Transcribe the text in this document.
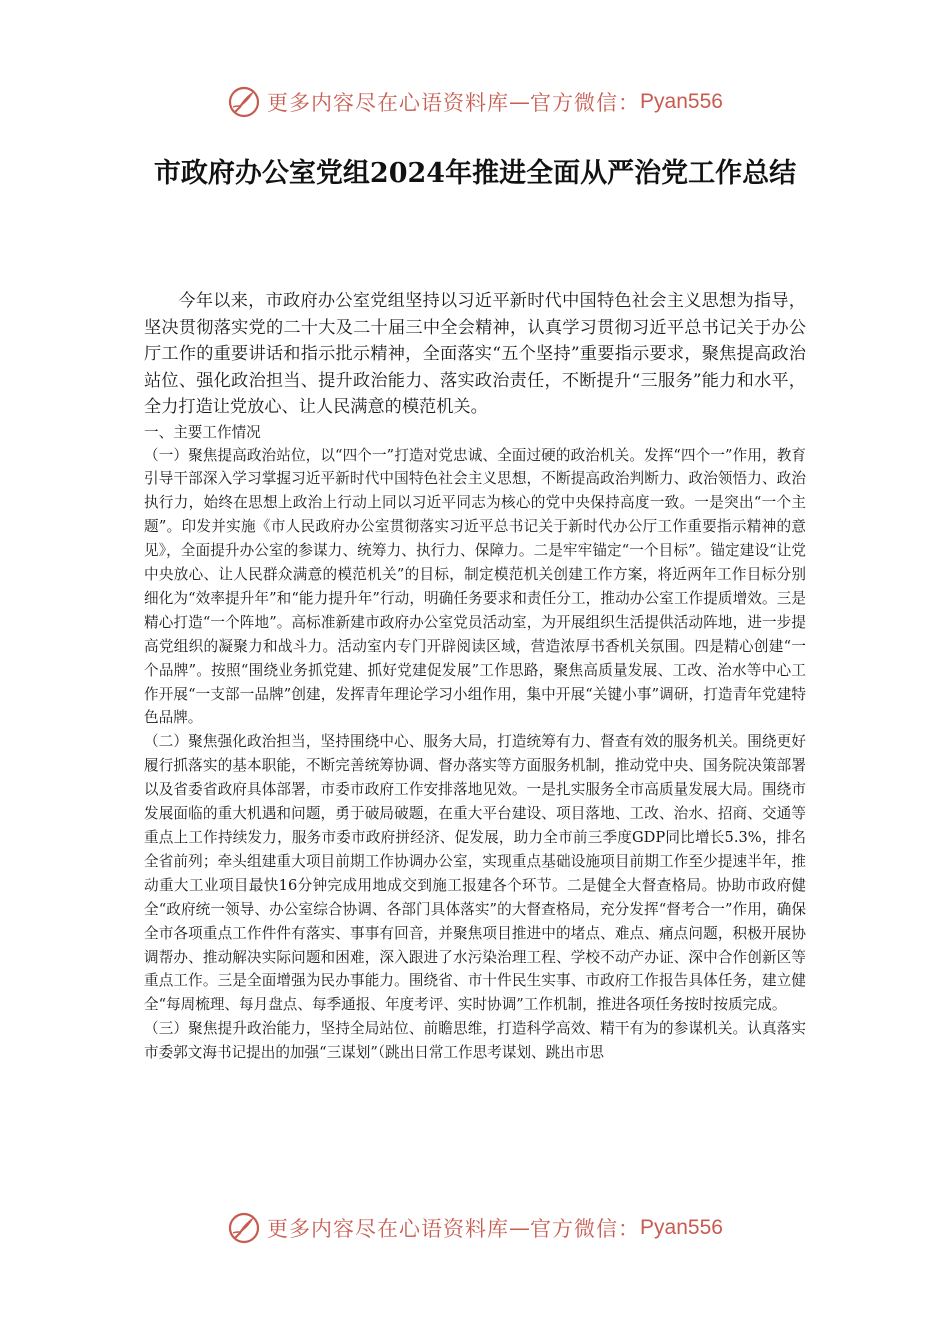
更多内容尽在心语资料库 — 官方微信： Pyan556
市政府办公室党组2024年推进全面从严治党工作总结

今年以来，市政府办公室党组坚持以习近平新时代中国特色社会主义思想为指导，坚决贯彻落实党的二十大及二十届三中全会精神，认真学习贯彻习近平总书记关于办公厅工作的重要讲话和指示批示精神，全面落实“五个坚持”重要指示要求，聚焦提高政治站位、强化政治担当、提升政治能力、落实政治责任，不断提升“三服务”能力和水平，全力打造让党放心、让人民满意的模范机关。

一、主要工作情况

（一）聚焦提高政治站位，以“四个一”打造对党忠诚、全面过硬的政治机关。发挥“四个一”作用，教育引导干部深入学习掌握习近平新时代中国特色社会主义思想，不断提高政治判断力、政治领悟力、政治执行力，始终在思想上政治上行动上同以习近平同志为核心的党中央保持高度一致。一是突出“一个主题”。印发并实施《市人民政府办公室贯彻落实习近平总书记关于新时代办公厅工作重要指示精神的意见》，全面提升办公室的参谋力、统筹力、执行力、保障力。二是牢牢锚定“一个目标”。锚定建设“让党中央放心、让人民群众满意的模范机关”的目标，制定模范机关创建工作方案，将近两年工作目标分别细化为“效率提升年”和“能力提升年”行动，明确任务要求和责任分工，推动办公室工作提质增效。三是精心打造“一个阵地”。高标准新建市政府办公室党员活动室，为开展组织生活提供活动阵地，进一步提高党组织的凝聚力和战斗力。活动室内专门开辟阅读区域，营造浓厚书香机关氛围。四是精心创建“一个品牌”。按照“围绕业务抓党建、抓好党建促发展”工作思路，聚焦高质量发展、工改、治水等中心工作开展“一支部一品牌”创建，发挥青年理论学习小组作用，集中开展“关键小事”调研，打造青年党建特色品牌。

（二）聚焦强化政治担当，坚持围绕中心、服务大局，打造统筹有力、督查有效的服务机关。围绕更好履行抓落实的基本职能，不断完善统筹协调、督办落实等方面服务机制，推动党中央、国务院决策部署以及省委省政府具体部署，市委市政府工作安排落地见效。一是扎实服务全市高质量发展大局。围绕市发展面临的重大机遇和问题，勇于破局破题，在重大平台建设、项目落地、工改、治水、招商、交通等重点上工作持续发力，服务市委市政府拼经济、促发展，助力全市前三季度GDP同比增长5.3%，排名全省前列；牵头组建重大项目前期工作协调办公室，实现重点基础设施项目前期工作至少提速半年，推动重大工业项目最快16分钟完成用地成交到施工报建各个环节。二是健全大督查格局。协助市政府健全“政府统一领导、办公室综合协调、各部门具体落实”的大督查格局，充分发挥“督考合一”作用，确保全市各项重点工作件件有落实、事事有回音，并聚焦项目推进中的堵点、难点、痛点问题，积极开展协调帮办、推动解决实际问题和困难，深入跟进了水污染治理工程、学校不动产办证、深中合作创新区等重点工作。三是全面增强为民办事能力。围绕省、市十件民生实事、市政府工作报告具体任务，建立健全“每周梳理、每月盘点、每季通报、年度考评、实时协调”工作机制，推进各项任务按时按质完成。

（三）聚焦提升政治能力，坚持全局站位、前瞻思维，打造科学高效、精干有为的参谋机关。认真落实市委郭文海书记提出的加强“三谋划”（跳出日常工作思考谋划、跳出市思

更多内容尽在心语资料库 — 官方微信： Pyan556
